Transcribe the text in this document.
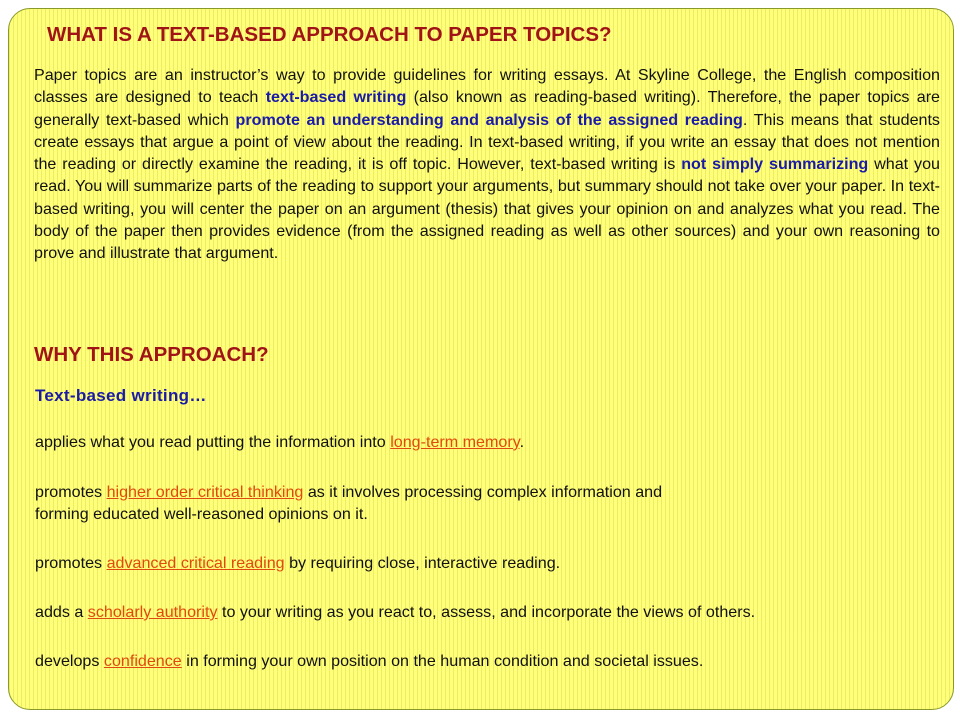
WHAT IS A TEXT-BASED APPROACH TO PAPER TOPICS?

Paper topics are an instructor’s way to provide guidelines for writing essays. At Skyline College, the English composition classes are designed to teach text-based writing (also known as reading-based writing). Therefore, the paper topics are generally text-based which promote an understanding and analysis of the assigned reading. This means that students create essays that argue a point of view about the reading. In text-based writing, if you write an essay that does not mention the reading or directly examine the reading, it is off topic. However, text-based writing is not simply summarizing what you read. You will summarize parts of the reading to support your arguments, but summary should not take over your paper. In text-based writing, you will center the paper on an argument (thesis) that gives your opinion on and analyzes what you read. The body of the paper then provides evidence (from the assigned reading as well as other sources) and your own reasoning to prove and illustrate that argument.

WHY THIS APPROACH?

Text-based writing…

applies what you read putting the information into long-term memory.

promotes higher order critical thinking as it involves processing complex information and
forming educated well-reasoned opinions on it.

promotes advanced critical reading by requiring close, interactive reading.

adds a scholarly authority to your writing as you react to, assess, and incorporate the views of others.

develops confidence in forming your own position on the human condition and societal issues.
